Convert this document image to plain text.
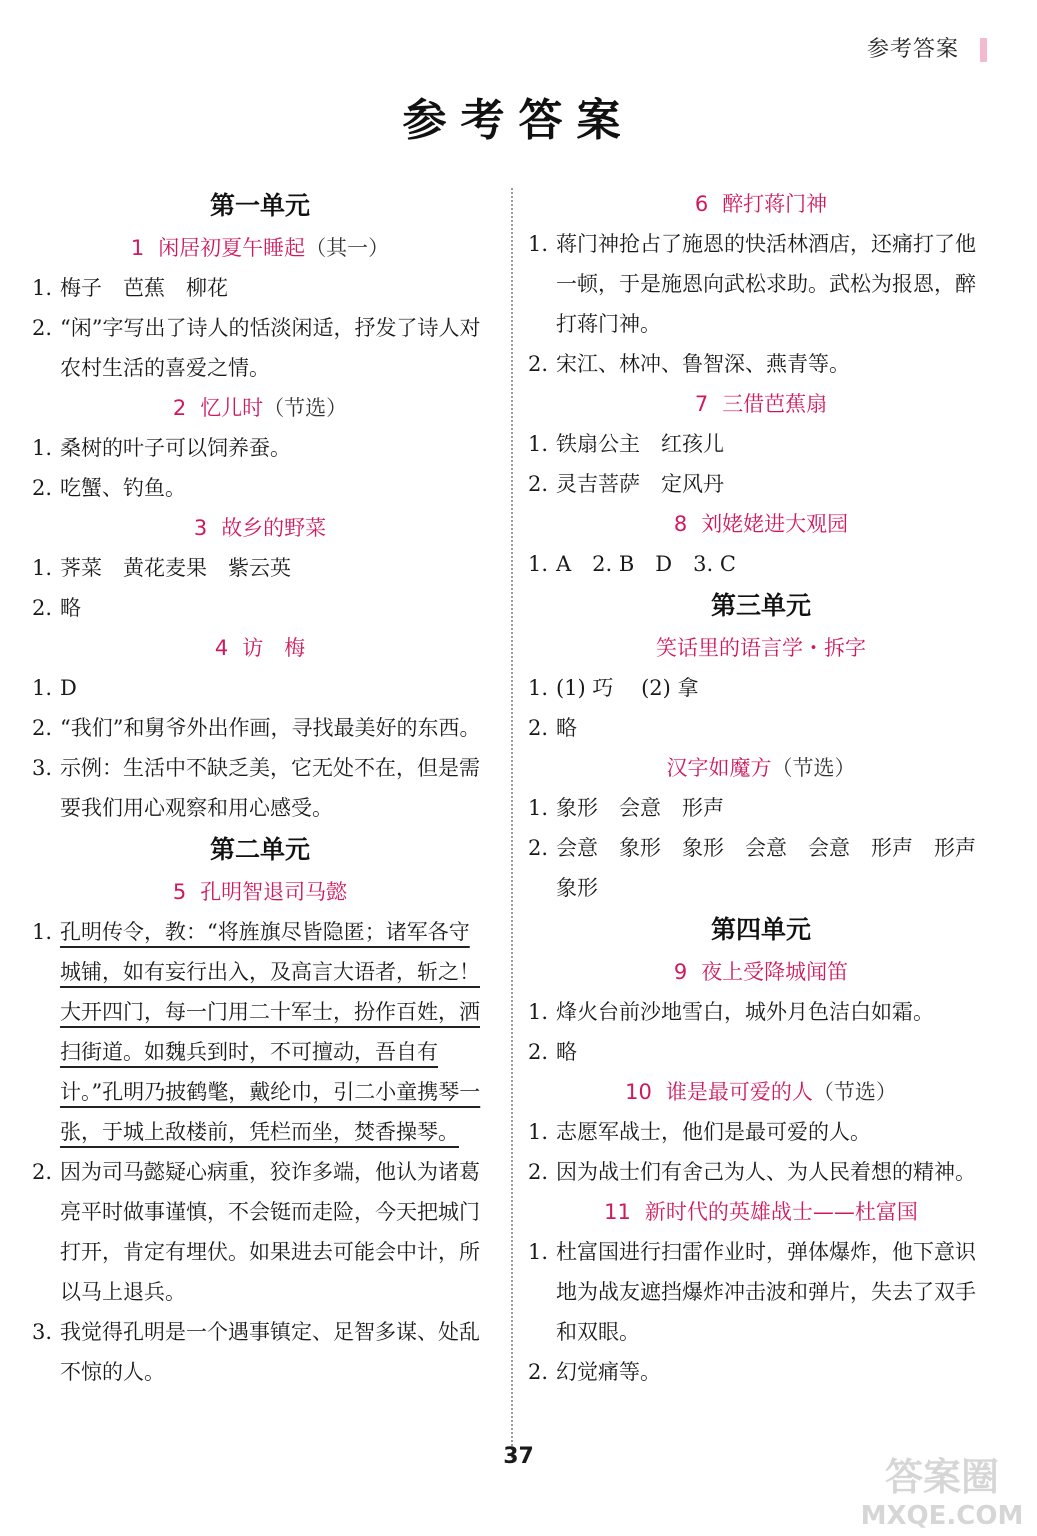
参考答案
参考答案
第一单元
1 闲居初夏午睡起（其一）
1. 梅子　芭蕉　柳花
2. “闲”字写出了诗人的恬淡闲适，抒发了诗人对农村生活的喜爱之情。
2 忆儿时（节选）
1. 桑树的叶子可以饲养蚕。
2. 吃蟹、钓鱼。
3 故乡的野菜
1. 荠菜　黄花麦果　紫云英
2. 略
4 访　梅
1. D
2. “我们”和舅爷外出作画，寻找最美好的东西。
3. 示例：生活中不缺乏美，它无处不在，但是需要我们用心观察和用心感受。
第二单元
5 孔明智退司马懿
1. 孔明传令，教：“将旌旗尽皆隐匿；诸军各守城铺，如有妄行出入，及高言大语者，斩之！大开四门，每一门用二十军士，扮作百姓，洒扫街道。如魏兵到时，不可擅动，吾自有计。”孔明乃披鹤氅，戴纶巾，引二小童携琴一张，于城上敌楼前，凭栏而坐，焚香操琴。
2. 因为司马懿疑心病重，狡诈多端，他认为诸葛亮平时做事谨慎，不会铤而走险，今天把城门打开，肯定有埋伏。如果进去可能会中计，所以马上退兵。
3. 我觉得孔明是一个遇事镇定、足智多谋、处乱不惊的人。
6 醉打蒋门神
1. 蒋门神抢占了施恩的快活林酒店，还痛打了他一顿，于是施恩向武松求助。武松为报恩，醉打蒋门神。
2. 宋江、林冲、鲁智深、燕青等。
7 三借芭蕉扇
1. 铁扇公主　红孩儿
2. 灵吉菩萨　定风丹
8 刘姥姥进大观园
1. A　2. B　D　3. C
第三单元
笑话里的语言学・拆字
1. (1) 巧　 (2) 拿
2. 略
汉字如魔方（节选）
1. 象形　会意　形声
2. 会意　象形　象形　会意　会意　形声　形声　象形
第四单元
9 夜上受降城闻笛
1. 烽火台前沙地雪白，城外月色洁白如霜。
2. 略
10 谁是最可爱的人（节选）
1. 志愿军战士，他们是最可爱的人。
2. 因为战士们有舍己为人、为人民着想的精神。
11 新时代的英雄战士——杜富国
1. 杜富国进行扫雷作业时，弹体爆炸，他下意识地为战友遮挡爆炸冲击波和弹片，失去了双手和双眼。
2. 幻觉痛等。
37	答案圈
MXQE.COM
